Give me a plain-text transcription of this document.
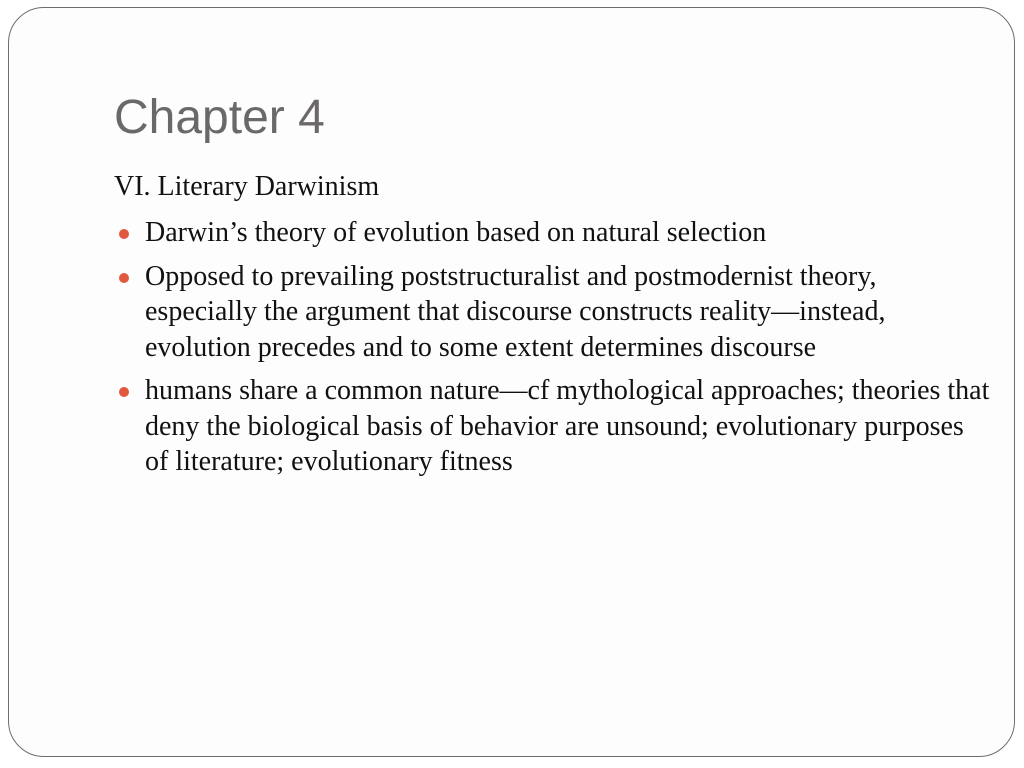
Chapter 4

VI. Literary Darwinism

Darwin’s theory of evolution based on natural selection
Opposed to prevailing poststructuralist and postmodernist theory, especially the argument that discourse constructs reality—instead, evolution precedes and to some extent determines discourse
humans share a common nature—cf mythological approaches; theories that deny the biological basis of behavior are unsound; evolutionary purposes of literature; evolutionary fitness
